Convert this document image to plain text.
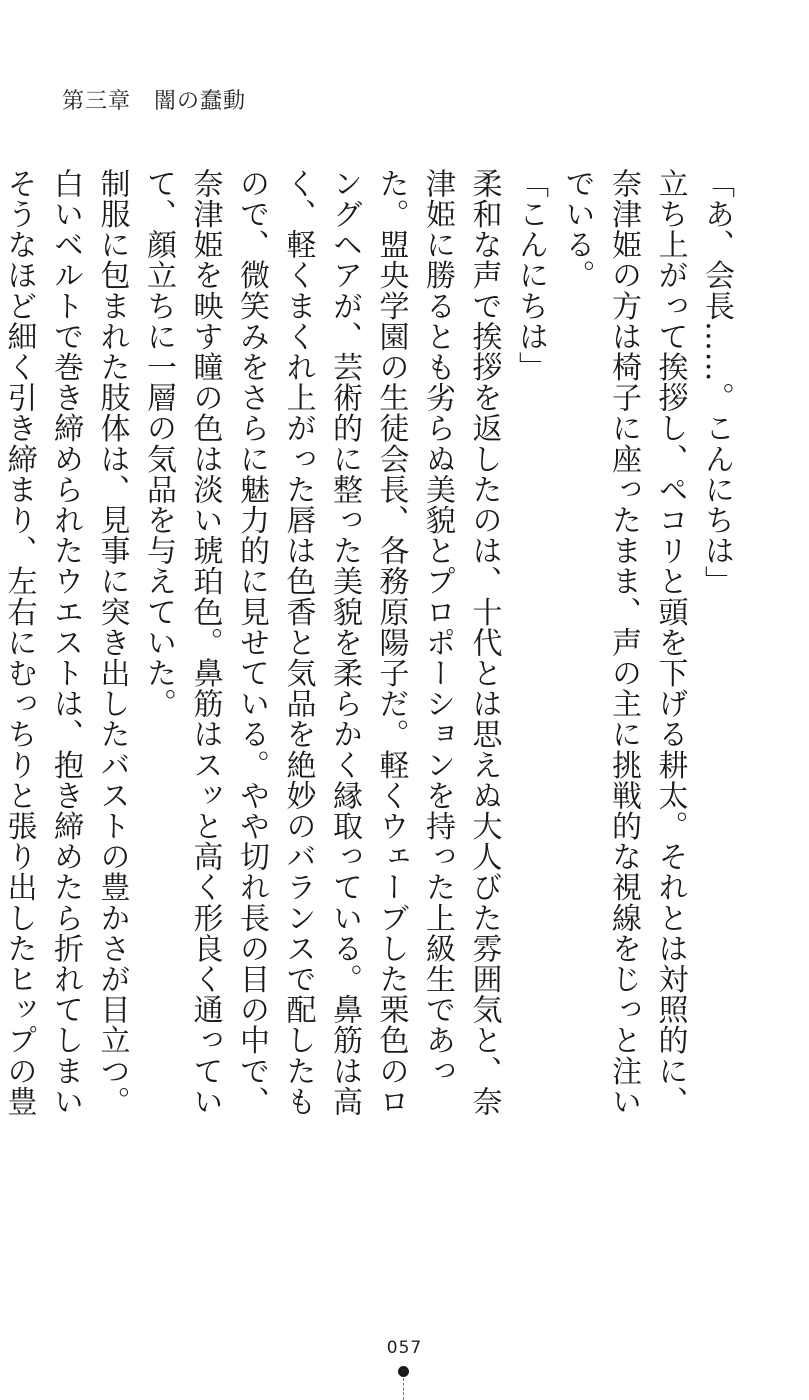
第三章　闇の蠢動

「あ、会長……。こんにちは」

立ち上がって挨拶し、ペコリと頭を下げる耕太。それとは対照的に、奈津姫の方は椅子に座ったまま、声の主に挑戦的な視線をじっと注いでいる。

「こんにちは」

柔和な声で挨拶を返したのは、十代とは思えぬ大人びた雰囲気と、奈津姫に勝るとも劣らぬ美貌とプロポーションを持った上級生であった。盟央学園の生徒会長、各務原陽子だ。軽くウェーブした栗色のロングヘアが、芸術的に整った美貌を柔らかく縁取っている。鼻筋は高く、軽くまくれ上がった唇は色香と気品を絶妙のバランスで配したもので、微笑みをさらに魅力的に見せている。やや切れ長の目の中で、奈津姫を映す瞳の色は淡い琥珀色。鼻筋はスッと高く形良く通っていて、顔立ちに一層の気品を与えていた。

制服に包まれた肢体は、見事に突き出したバストの豊かさが目立つ。白いベルトで巻き締められたウエストは、抱き締めたら折れてしまいそうなほど細く引き締まり、左右にむっちりと張り出したヒップの豊

057
